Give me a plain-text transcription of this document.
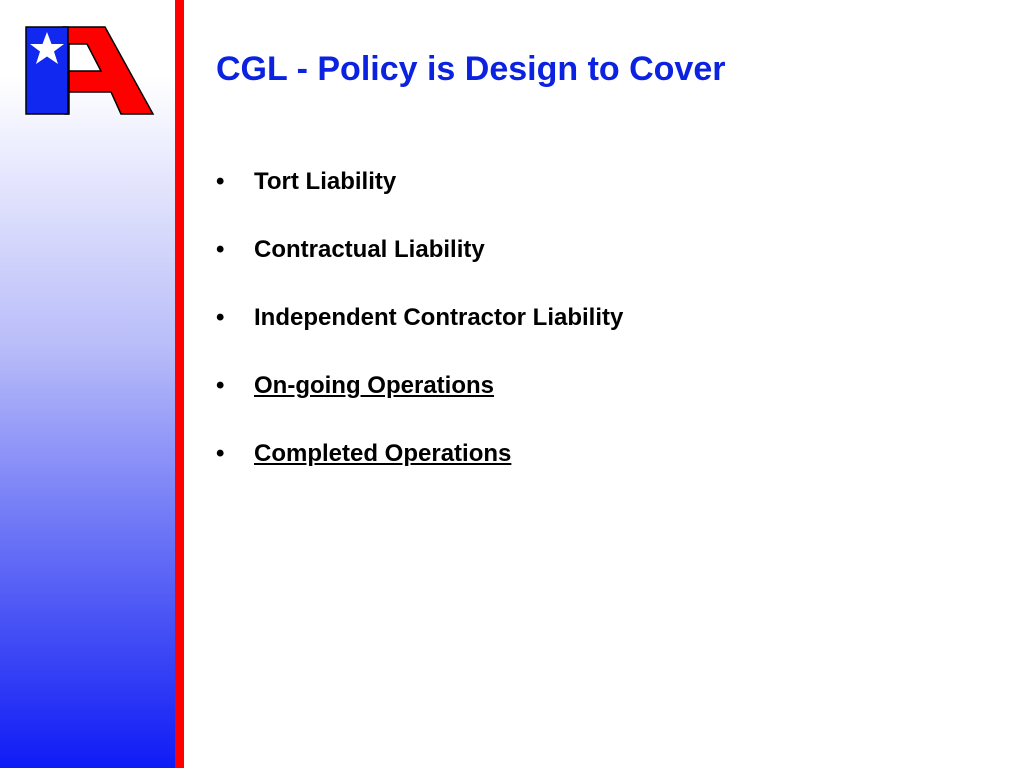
CGL - Policy is Design to Cover
•	Tort Liability
•	Contractual Liability
•	Independent Contractor Liability
•	On-going Operations
•	Completed Operations
